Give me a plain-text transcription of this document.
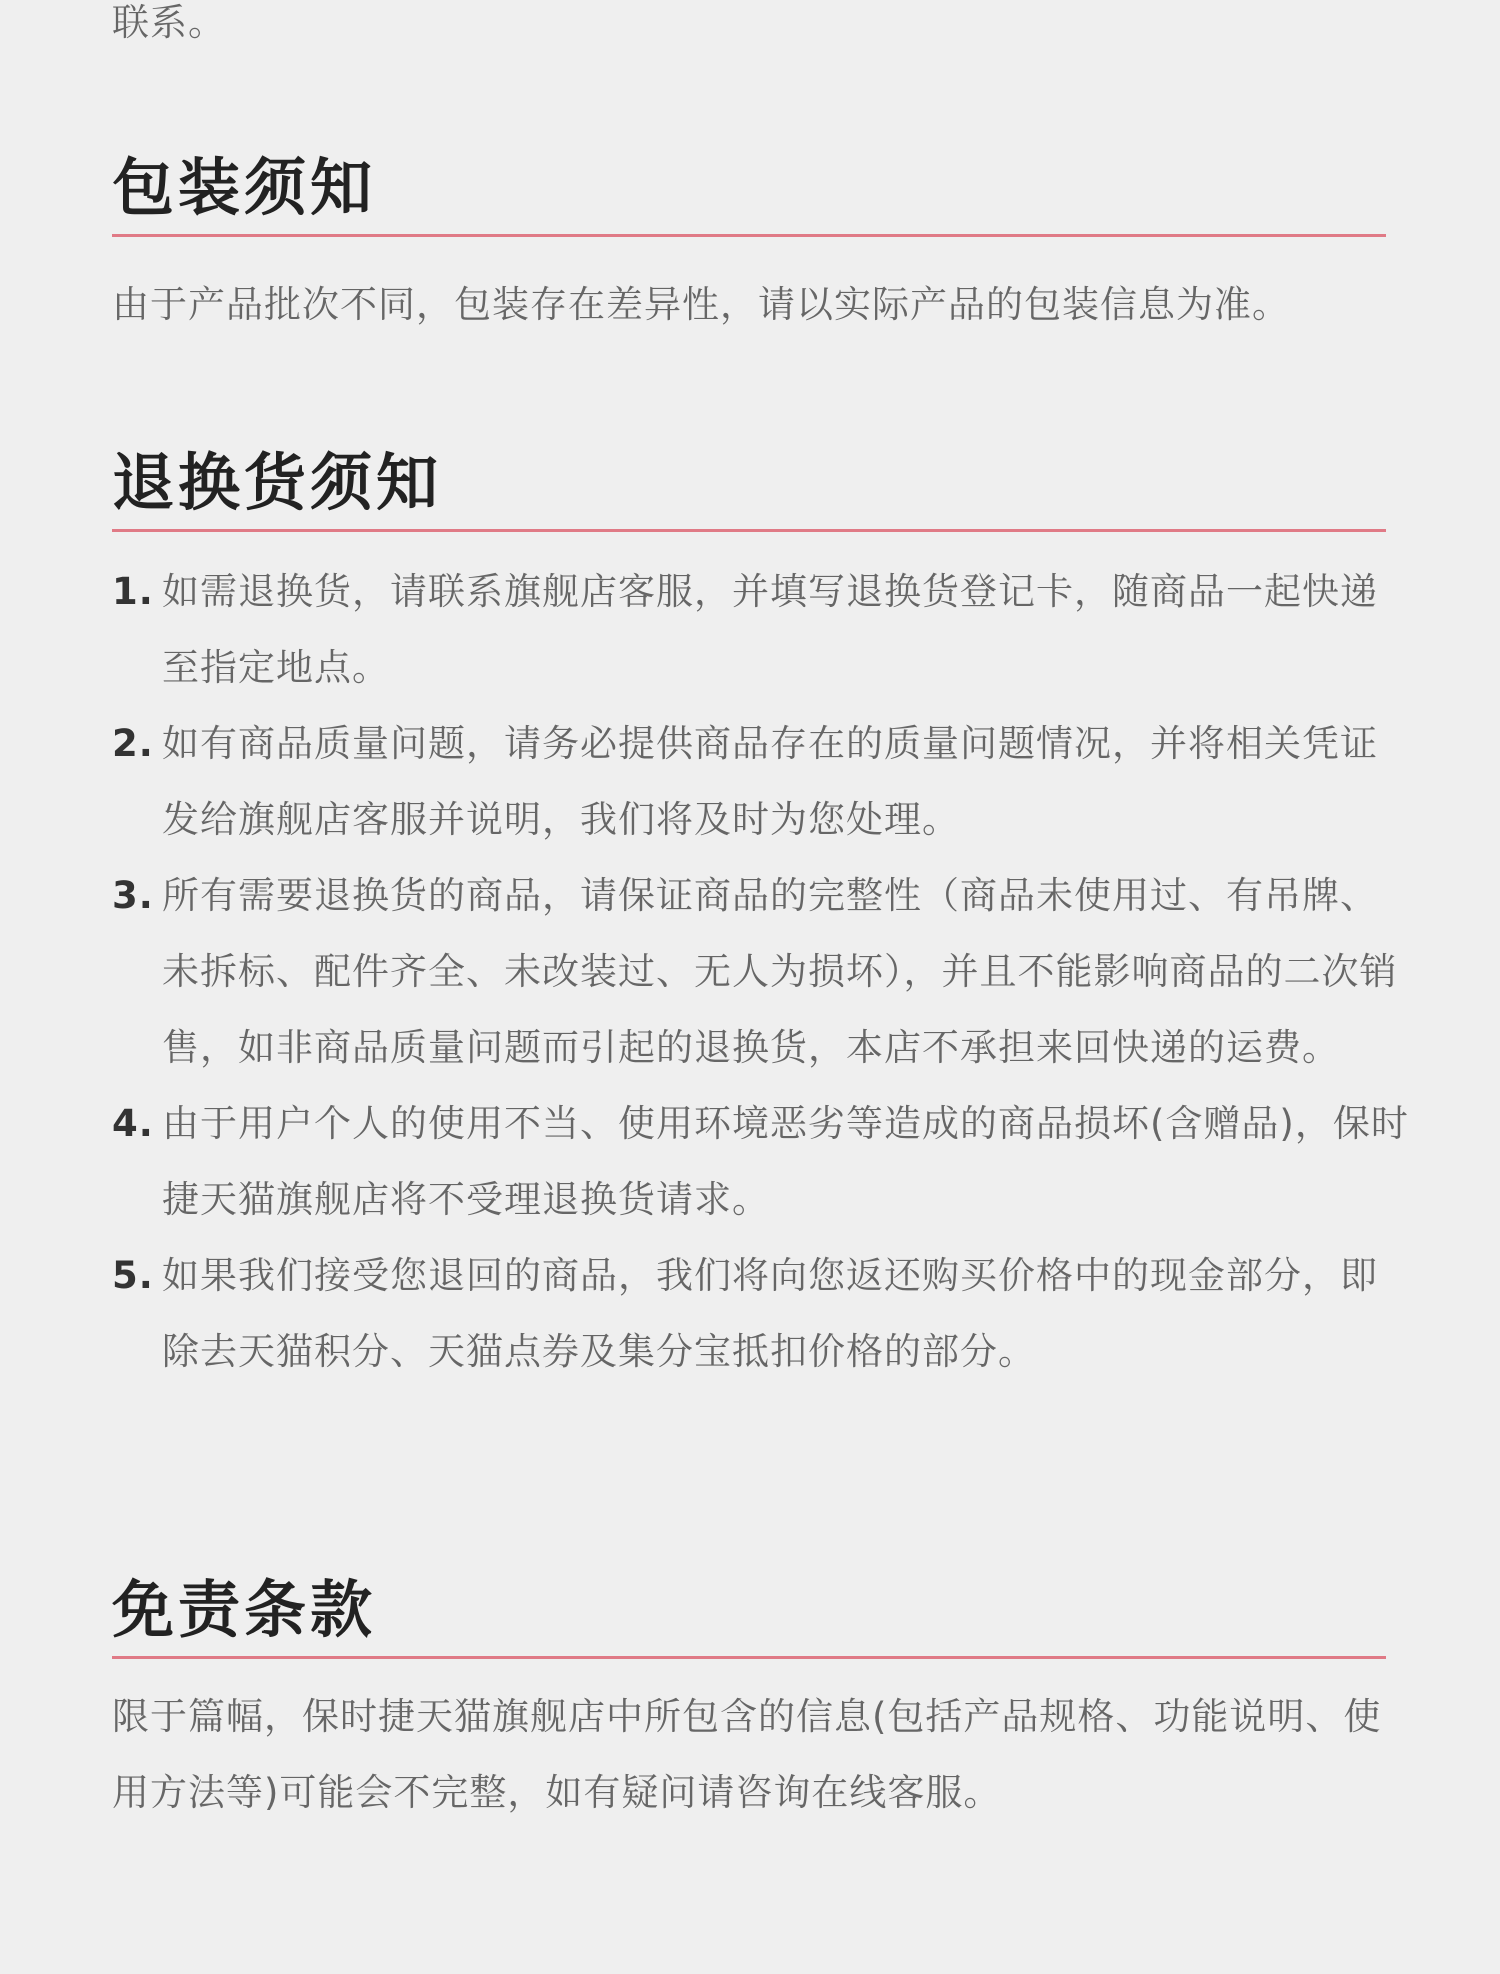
联系。

包装须知

由于产品批次不同，包装存在差异性，请以实际产品的包装信息为准。

退换货须知
1. 如需退换货，请联系旗舰店客服，并填写退换货登记卡，随商品一起快递至指定地点。
2. 如有商品质量问题，请务必提供商品存在的质量问题情况，并将相关凭证发给旗舰店客服并说明，我们将及时为您处理。
3. 所有需要退换货的商品，请保证商品的完整性（商品未使用过、有吊牌、未拆标、配件齐全、未改装过、无人为损坏），并且不能影响商品的二次销售，如非商品质量问题而引起的退换货，本店不承担来回快递的运费。
4. 由于用户个人的使用不当、使用环境恶劣等造成的商品损坏(含赠品)，保时捷天猫旗舰店将不受理退换货请求。
5. 如果我们接受您退回的商品，我们将向您返还购买价格中的现金部分，即除去天猫积分、天猫点券及集分宝抵扣价格的部分。
免责条款

限于篇幅，保时捷天猫旗舰店中所包含的信息(包括产品规格、功能说明、使用方法等)可能会不完整，如有疑问请咨询在线客服。
